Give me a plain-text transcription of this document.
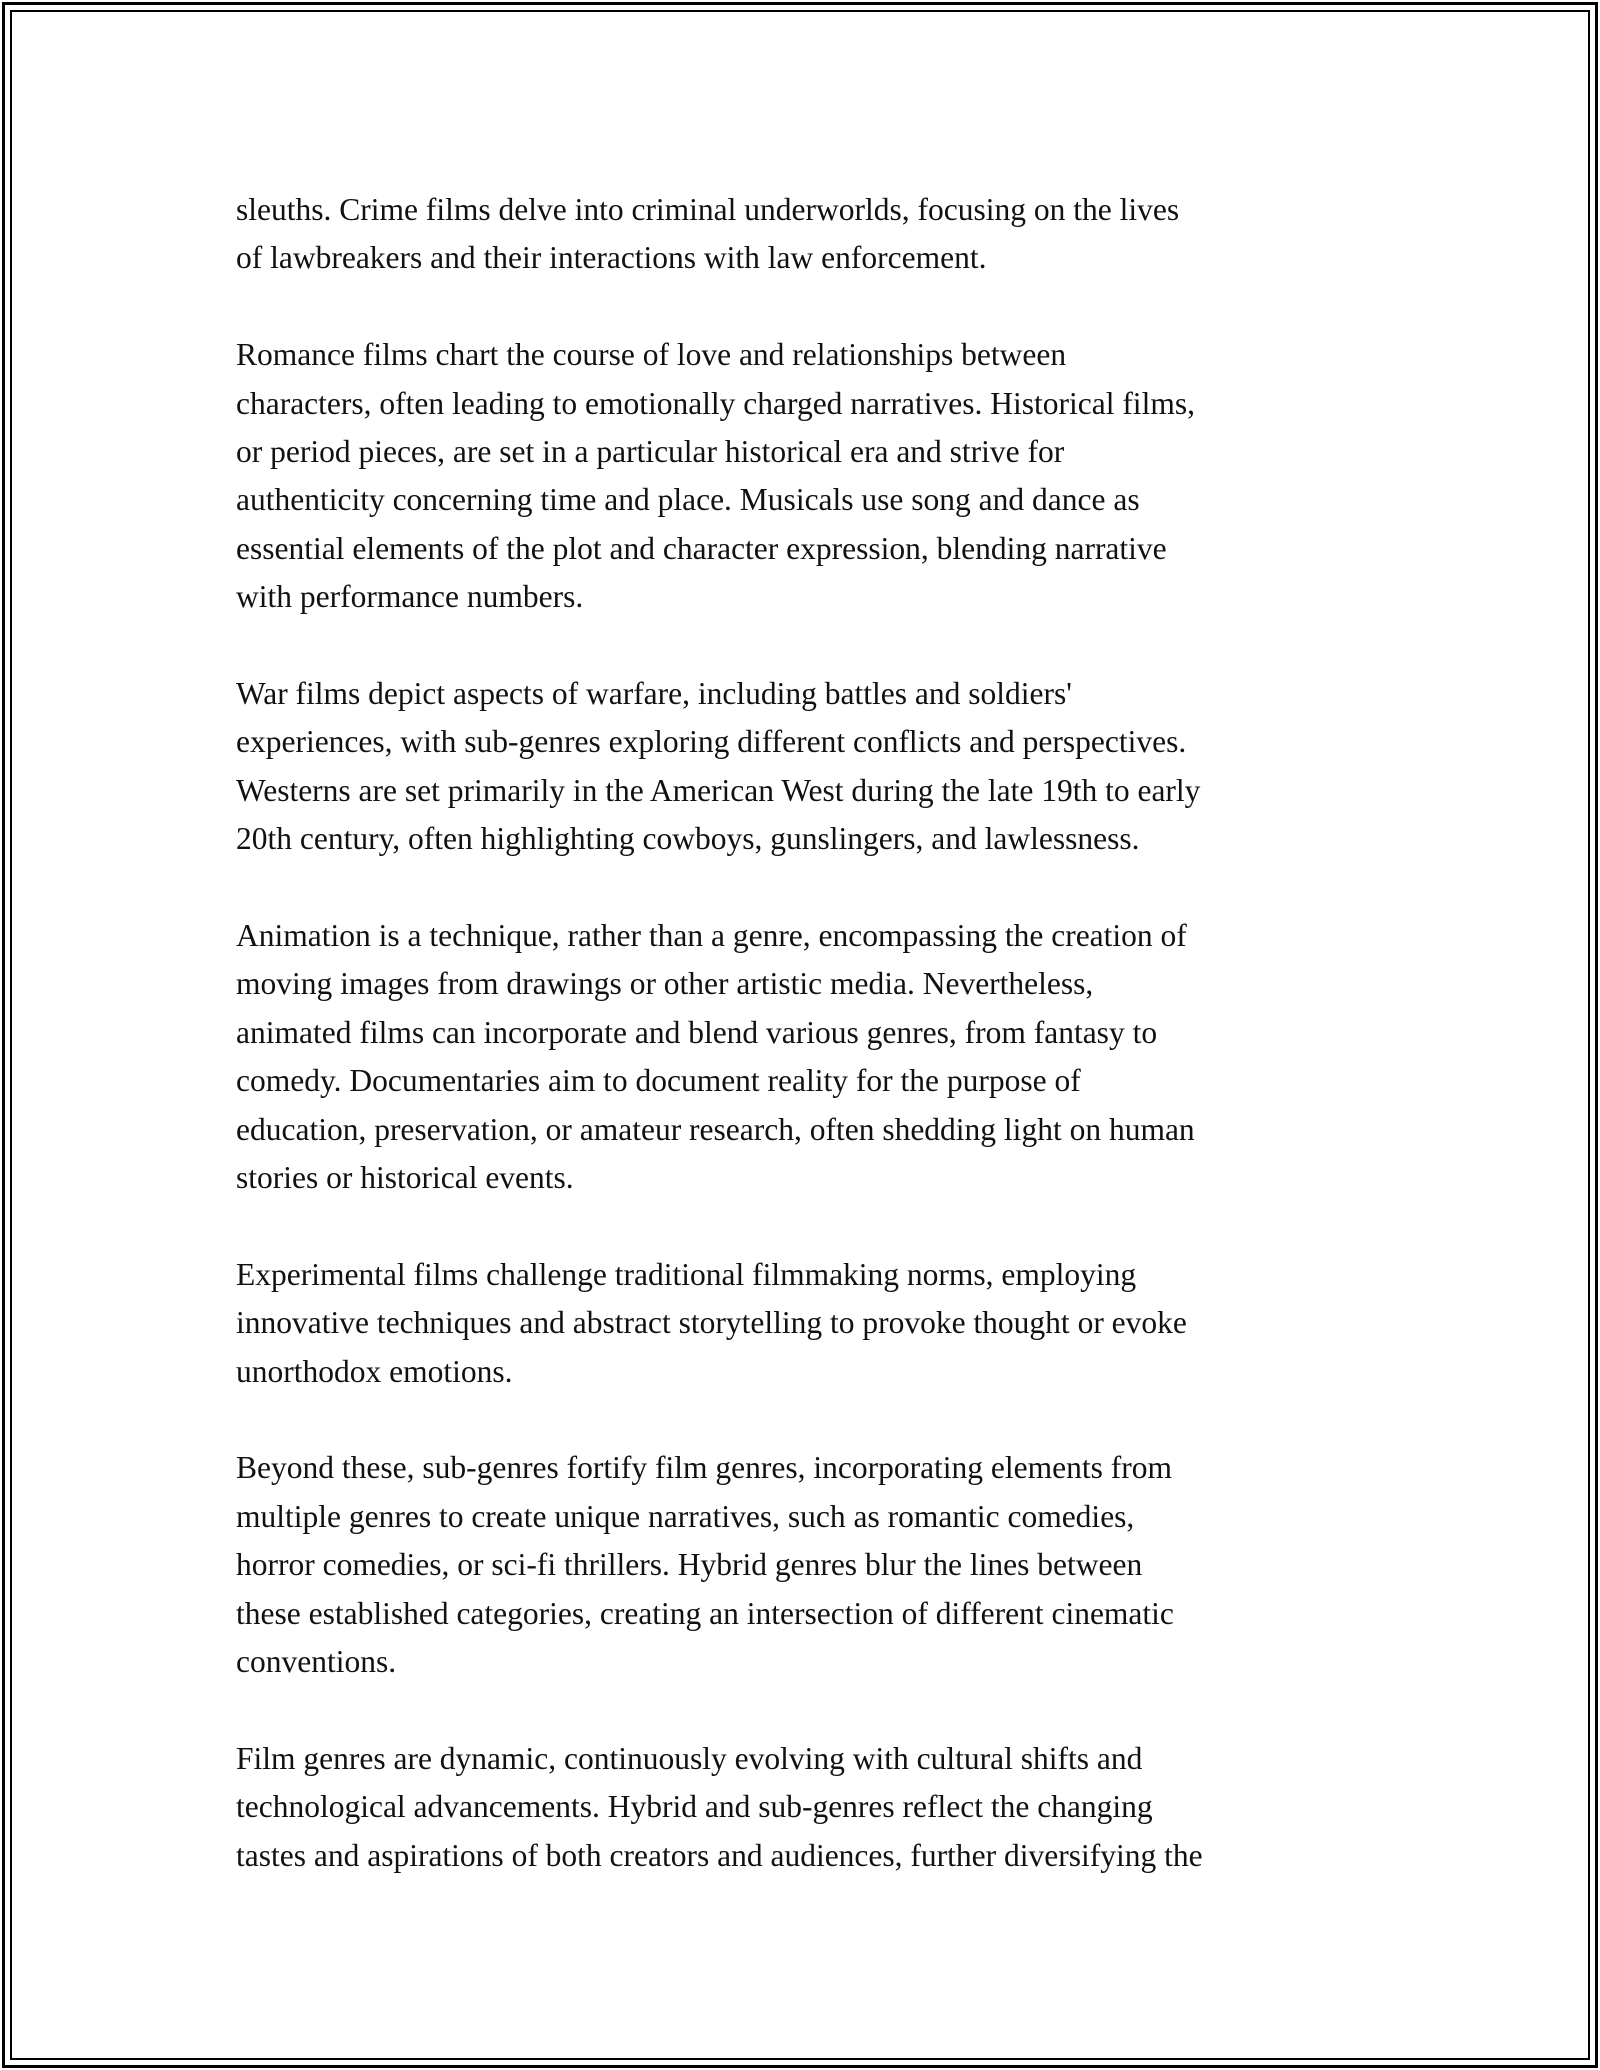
sleuths. Crime films delve into criminal underworlds, focusing on the lives
of lawbreakers and their interactions with law enforcement.

Romance films chart the course of love and relationships between
characters, often leading to emotionally charged narratives. Historical films,
or period pieces, are set in a particular historical era and strive for
authenticity concerning time and place. Musicals use song and dance as
essential elements of the plot and character expression, blending narrative
with performance numbers.

War films depict aspects of warfare, including battles and soldiers'
experiences, with sub-genres exploring different conflicts and perspectives.
Westerns are set primarily in the American West during the late 19th to early
20th century, often highlighting cowboys, gunslingers, and lawlessness.

Animation is a technique, rather than a genre, encompassing the creation of
moving images from drawings or other artistic media. Nevertheless,
animated films can incorporate and blend various genres, from fantasy to
comedy. Documentaries aim to document reality for the purpose of
education, preservation, or amateur research, often shedding light on human
stories or historical events.

Experimental films challenge traditional filmmaking norms, employing
innovative techniques and abstract storytelling to provoke thought or evoke
unorthodox emotions.

Beyond these, sub-genres fortify film genres, incorporating elements from
multiple genres to create unique narratives, such as romantic comedies,
horror comedies, or sci-fi thrillers. Hybrid genres blur the lines between
these established categories, creating an intersection of different cinematic
conventions.

Film genres are dynamic, continuously evolving with cultural shifts and
technological advancements. Hybrid and sub-genres reflect the changing
tastes and aspirations of both creators and audiences, further diversifying the
